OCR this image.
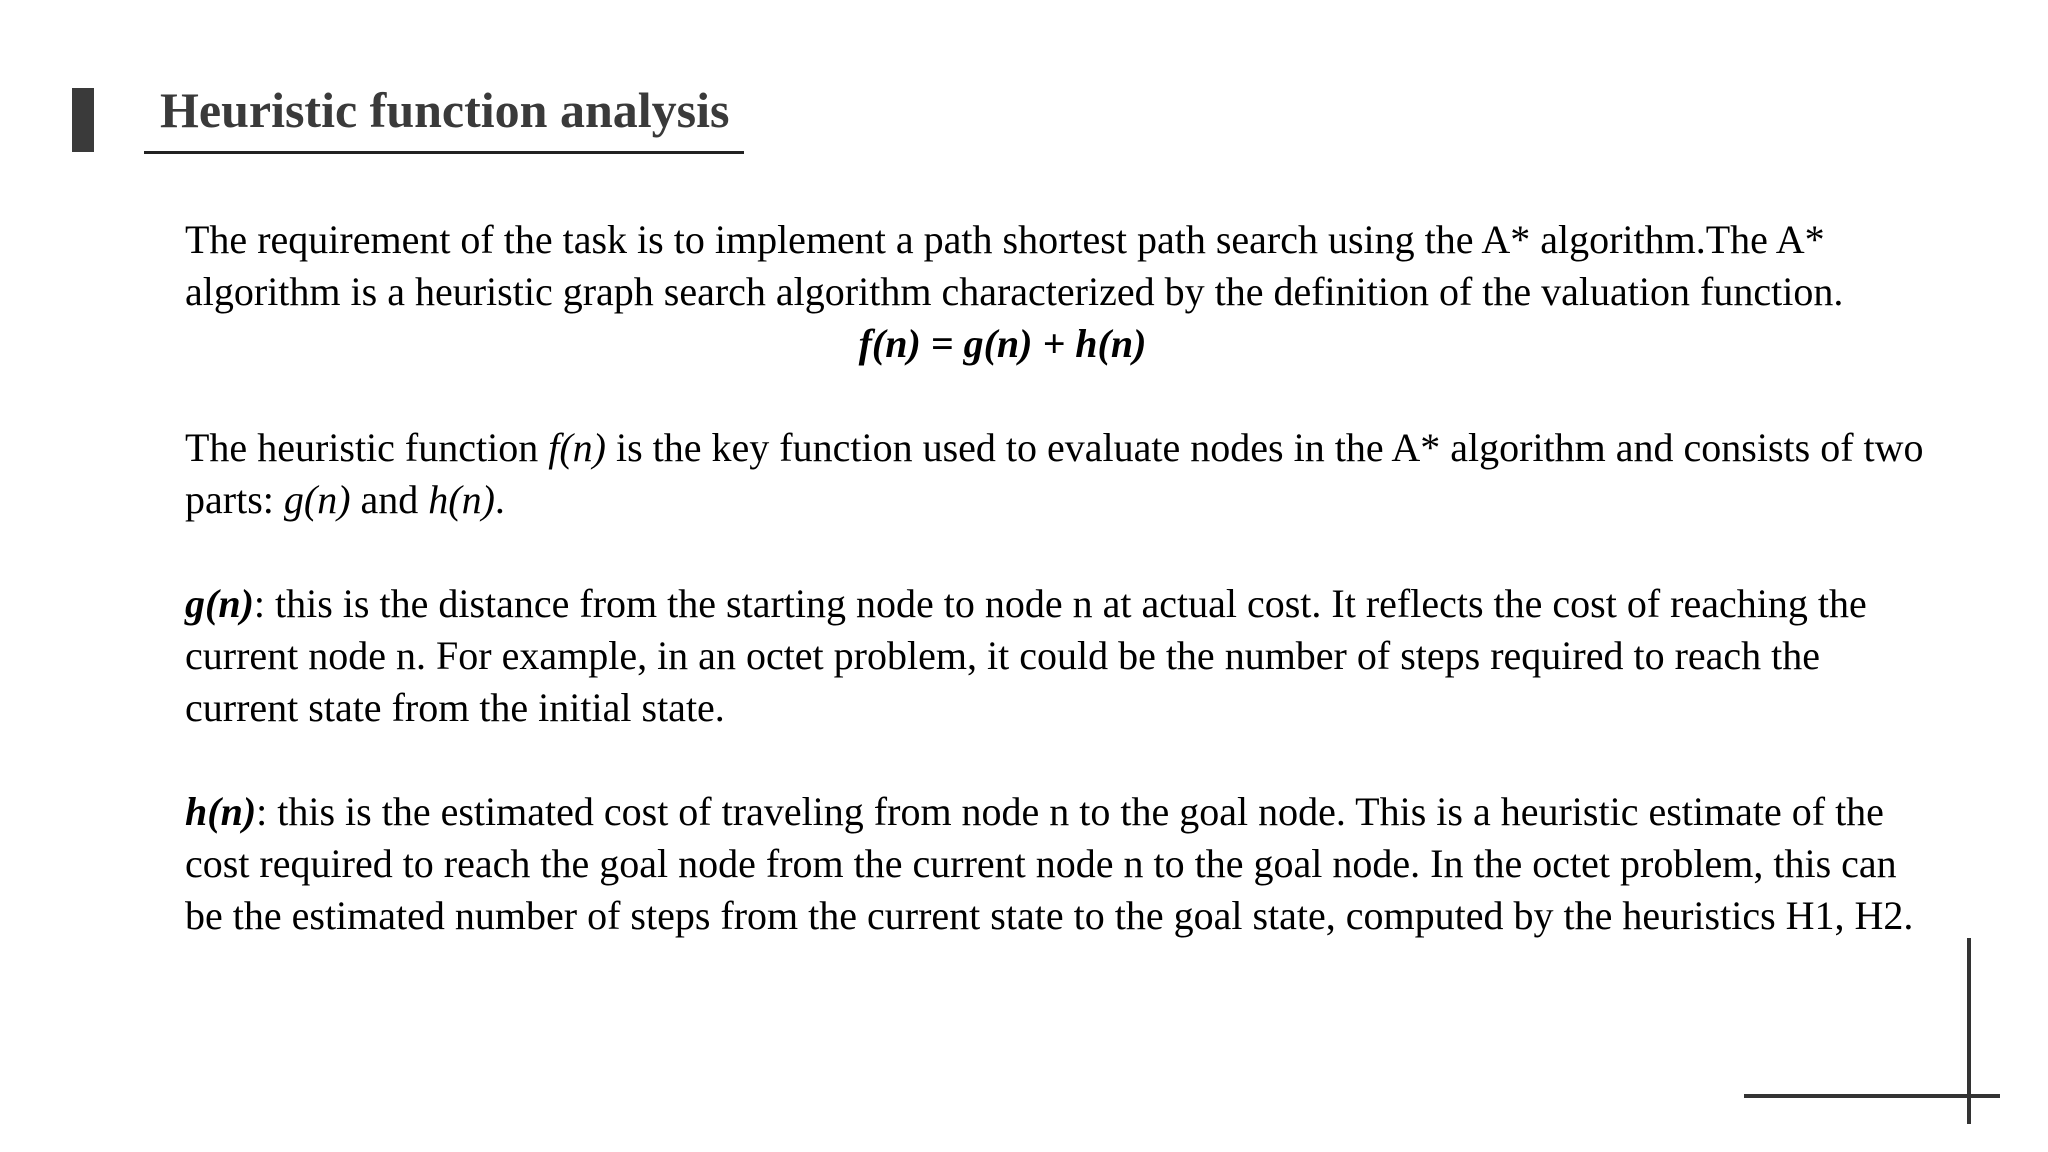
Heuristic function analysis

The requirement of the task is to implement a path shortest path search using the A* algorithm.The A* algorithm is a heuristic graph search algorithm characterized by the definition of the valuation function.

f(n) = g(n) + h(n)

The heuristic function f(n) is the key function used to evaluate nodes in the A* algorithm and consists of two parts: g(n) and h(n).

g(n): this is the distance from the starting node to node n at actual cost. It reflects the cost of reaching the current node n. For example, in an octet problem, it could be the number of steps required to reach the current state from the initial state.

h(n): this is the estimated cost of traveling from node n to the goal node. This is a heuristic estimate of the cost required to reach the goal node from the current node n to the goal node. In the octet problem, this can be the estimated number of steps from the current state to the goal state, computed by the heuristics H1, H2.
